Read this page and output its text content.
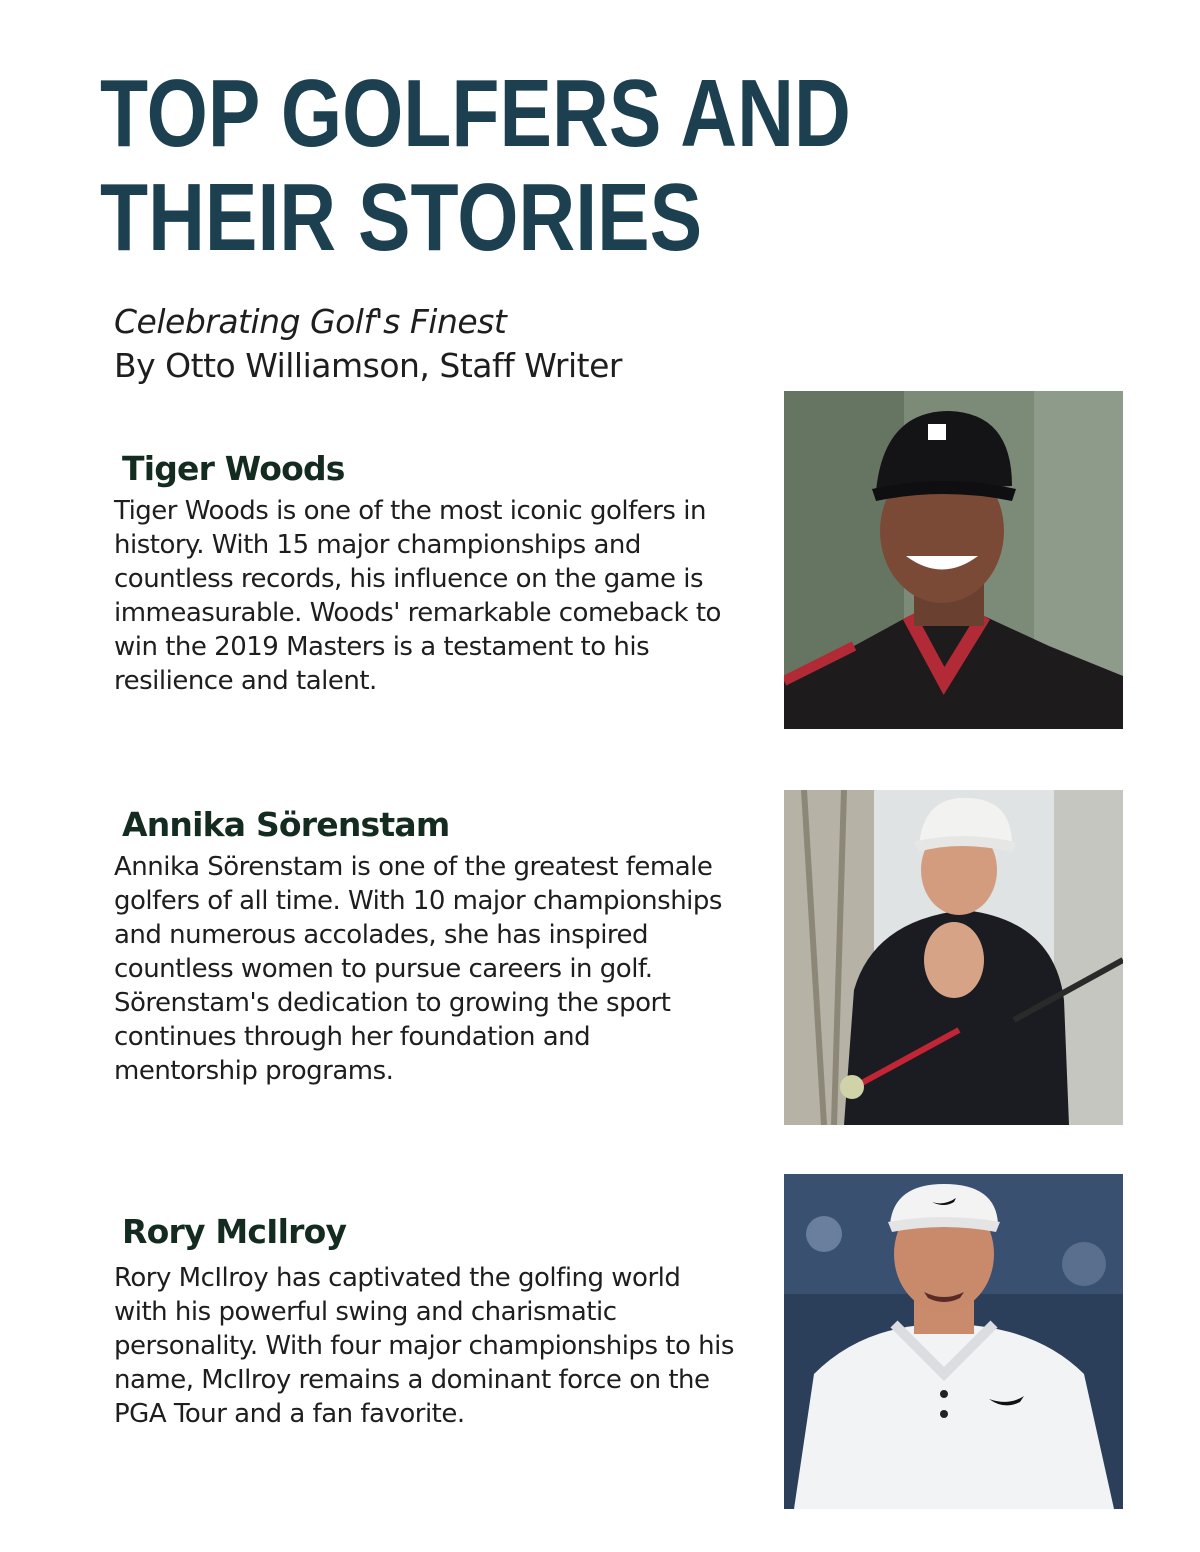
TOP GOLFERS AND
THEIR STORIES
Celebrating Golf's Finest
By Otto Williamson, Staff Writer
Tiger Woods

Tiger Woods is one of the most iconic golfers in history. With 15 major championships and countless records, his influence on the game is immeasurable. Woods' remarkable comeback to win the 2019 Masters is a testament to his resilience and talent.

Annika Sörenstam

Annika Sörenstam is one of the greatest female golfers of all time. With 10 major championships and numerous accolades, she has inspired countless women to pursue careers in golf. Sörenstam's dedication to growing the sport continues through her foundation and mentorship programs.

Rory McIlroy

Rory McIlroy has captivated the golfing world with his powerful swing and charismatic personality. With four major championships to his name, McIlroy remains a dominant force on the PGA Tour and a fan favorite.
